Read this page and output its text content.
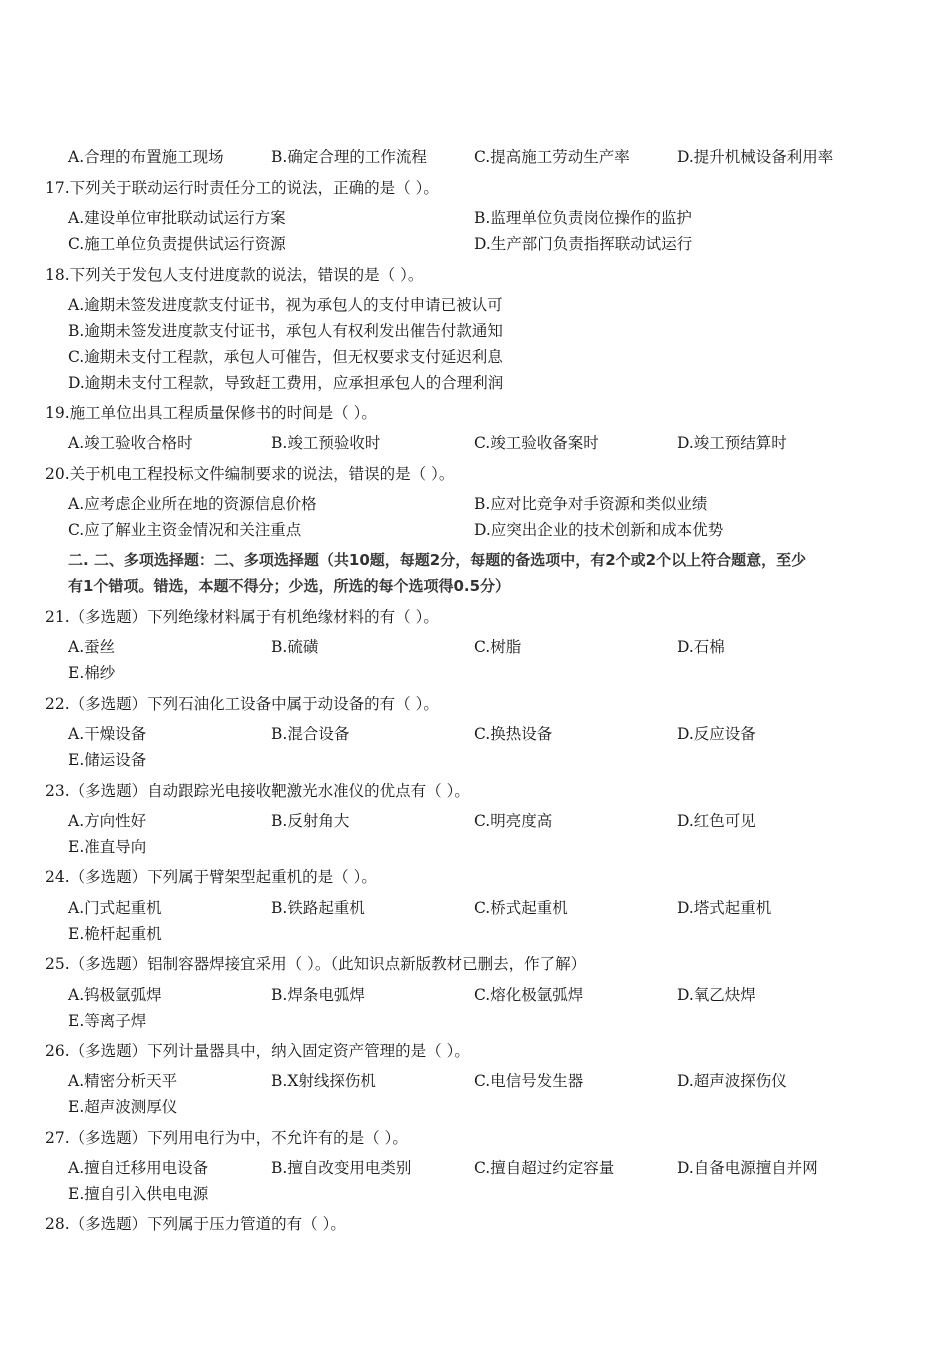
A.合理的布置施工现场	B.确定合理的工作流程	C.提高施工劳动生产率	D.提升机械设备利用率
17.下列关于联动运行时责任分工的说法，正确的是（ ）。
A.建设单位审批联动试运行方案	B.监理单位负责岗位操作的监护
C.施工单位负责提供试运行资源	D.生产部门负责指挥联动试运行
18.下列关于发包人支付进度款的说法，错误的是（ ）。
A.逾期未签发进度款支付证书，视为承包人的支付申请已被认可
B.逾期未签发进度款支付证书，承包人有权利发出催告付款通知
C.逾期未支付工程款，承包人可催告，但无权要求支付延迟利息
D.逾期未支付工程款，导致赶工费用，应承担承包人的合理利润
19.施工单位出具工程质量保修书的时间是（ ）。
A.竣工验收合格时	B.竣工预验收时	C.竣工验收备案时	D.竣工预结算时
20.关于机电工程投标文件编制要求的说法，错误的是（ ）。
A.应考虑企业所在地的资源信息价格	B.应对比竞争对手资源和类似业绩
C.应了解业主资金情况和关注重点	D.应突出企业的技术创新和成本优势
二. 二、多项选择题：二、多项选择题（共10题，每题2分，每题的备选项中，有2个或2个以上符合题意，至少
有1个错项。错选，本题不得分；少选，所选的每个选项得0.5分）
21.（多选题）下列绝缘材料属于有机绝缘材料的有（ ）。
A.蚕丝	B.硫磺	C.树脂	D.石棉
E.棉纱
22.（多选题）下列石油化工设备中属于动设备的有（ ）。
A.干燥设备	B.混合设备	C.换热设备	D.反应设备
E.储运设备
23.（多选题）自动跟踪光电接收靶激光水准仪的优点有（ ）。
A.方向性好	B.反射角大	C.明亮度高	D.红色可见
E.准直导向
24.（多选题）下列属于臂架型起重机的是（ ）。
A.门式起重机	B.铁路起重机	C.桥式起重机	D.塔式起重机
E.桅杆起重机
25.（多选题）铝制容器焊接宜采用（ ）。（此知识点新版教材已删去，作了解）
A.钨极氩弧焊	B.焊条电弧焊	C.熔化极氩弧焊	D.氧乙炔焊
E.等离子焊
26.（多选题）下列计量器具中，纳入固定资产管理的是（ ）。
A.精密分析天平	B.X射线探伤机	C.电信号发生器	D.超声波探伤仪
E.超声波测厚仪
27.（多选题）下列用电行为中，不允许有的是（ ）。
A.擅自迁移用电设备	B.擅自改变用电类别	C.擅自超过约定容量	D.自备电源擅自并网
E.擅自引入供电电源
28.（多选题）下列属于压力管道的有（ ）。
